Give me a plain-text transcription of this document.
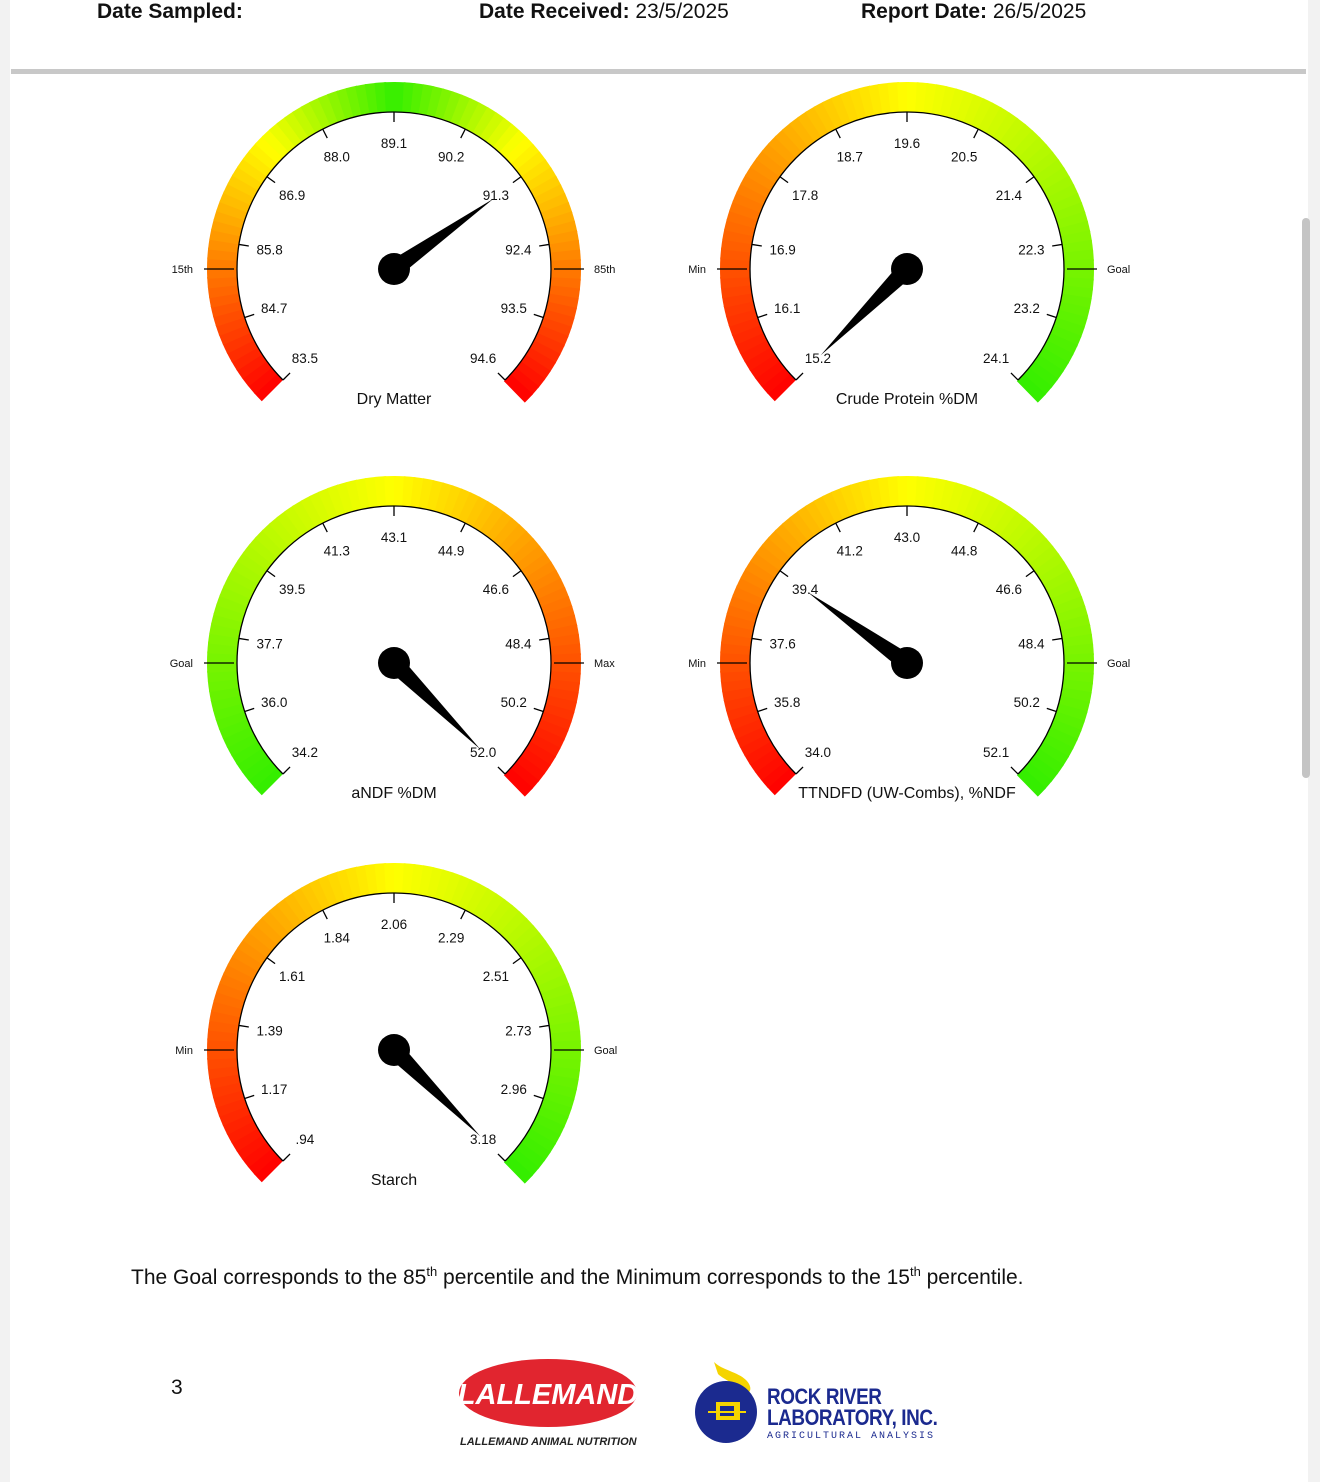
Date Sampled:	Date Received: 23/5/2025	Report Date: 26/5/2025
83.5
84.7
85.8
86.9
88.0
89.1
90.2
91.3
92.4
93.5
94.6
15th	85th
Dry Matter
15.2
16.1
16.9
17.8
18.7
19.6
20.5
21.4
22.3
23.2
24.1
Min	Goal
Crude Protein %DM
34.2
36.0
37.7
39.5
41.3
43.1
44.9
46.6
48.4
50.2
52.0
Goal	Max
aNDF %DM
34.0
35.8
37.6
39.4
41.2
43.0
44.8
46.6
48.4
50.2
52.1
Min	Goal
TTNDFD (UW-Combs), %NDF
.94
1.17
1.39
1.61
1.84
2.06
2.29
2.51
2.73
2.96
3.18
Min	Goal
Starch
The Goal corresponds to the 85th percentile and the Minimum corresponds to the 15th percentile.
3	LALLEMAND
LALLEMAND ANIMAL NUTRITION
ROCK RIVER
LABORATORY, INC.
AGRICULTURAL ANALYSIS
